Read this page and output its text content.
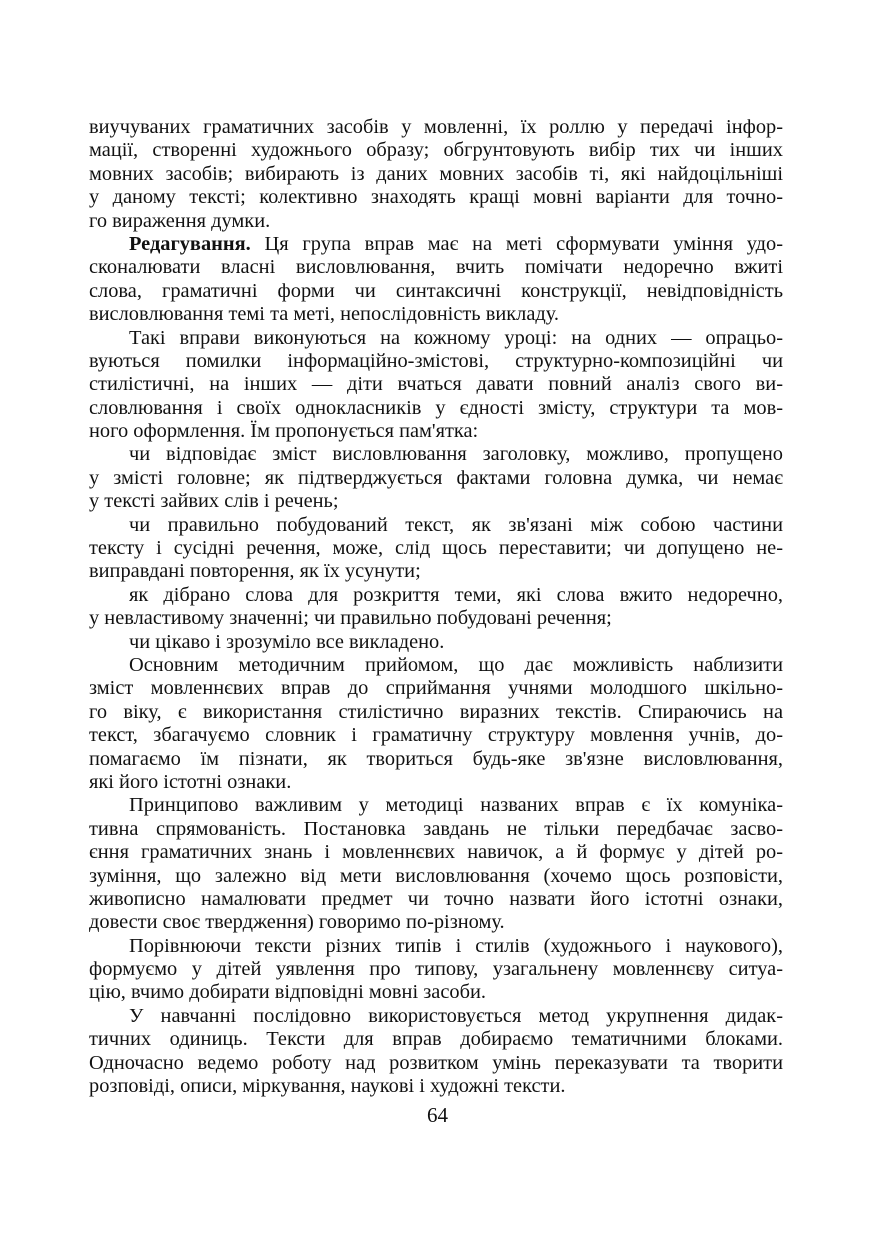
виучуваних граматичних засобів у мовленні, їх роллю у передачі інфор-
мації, створенні художнього образу; обгрунтовують вибір тих чи інших
мовних засобів; вибирають із даних мовних засобів ті, які найдоцільніші
у даному тексті; колективно знаходять кращі мовні варіанти для точно-
го вираження думки.
Редагування. Ця група вправ має на меті сформувати уміння удо-
сконалювати власні висловлювання, вчить помічати недоречно вжиті
слова, граматичні форми чи синтаксичні конструкції, невідповідність
висловлювання темі та меті, непослідовність викладу.
Такі вправи виконуються на кожному уроці: на одних — опрацьо-
вуються помилки інформаційно-змістові, структурно-композиційні чи
стилістичні, на інших — діти вчаться давати повний аналіз свого ви-
словлювання і своїх однокласників у єдності змісту, структури та мов-
ного оформлення. Їм пропонується пам'ятка:
чи відповідає зміст висловлювання заголовку, можливо, пропущено
у змісті головне; як підтверджується фактами головна думка, чи немає
у тексті зайвих слів і речень;
чи правильно побудований текст, як зв'язані між собою частини
тексту і сусідні речення, може, слід щось переставити; чи допущено не-
виправдані повторення, як їх усунути;
як дібрано слова для розкриття теми, які слова вжито недоречно,
у невластивому значенні; чи правильно побудовані речення;
чи цікаво і зрозуміло все викладено.
Основним методичним прийомом, що дає можливість наблизити
зміст мовленнєвих вправ до сприймання учнями молодшого шкільно-
го віку, є використання стилістично виразних текстів. Спираючись на
текст, збагачуємо словник і граматичну структуру мовлення учнів, до-
помагаємо їм пізнати, як твориться будь-яке зв'язне висловлювання,
які його істотні ознаки.
Принципово важливим у методиці названих вправ є їх комуніка-
тивна спрямованість. Постановка завдань не тільки передбачає засво-
єння граматичних знань і мовленнєвих навичок, а й формує у дітей ро-
зуміння, що залежно від мети висловлювання (хочемо щось розповісти,
живописно намалювати предмет чи точно назвати його істотні ознаки,
довести своє твердження) говоримо по-різному.
Порівнюючи тексти різних типів і стилів (художнього і наукового),
формуємо у дітей уявлення про типову, узагальнену мовленнєву ситуа-
цію, вчимо добирати відповідні мовні засоби.
У навчанні послідовно використовується метод укрупнення дидак-
тичних одиниць. Тексти для вправ добираємо тематичними блоками.
Одночасно ведемо роботу над розвитком умінь переказувати та творити
розповіді, описи, міркування, наукові і художні тексти.
64
